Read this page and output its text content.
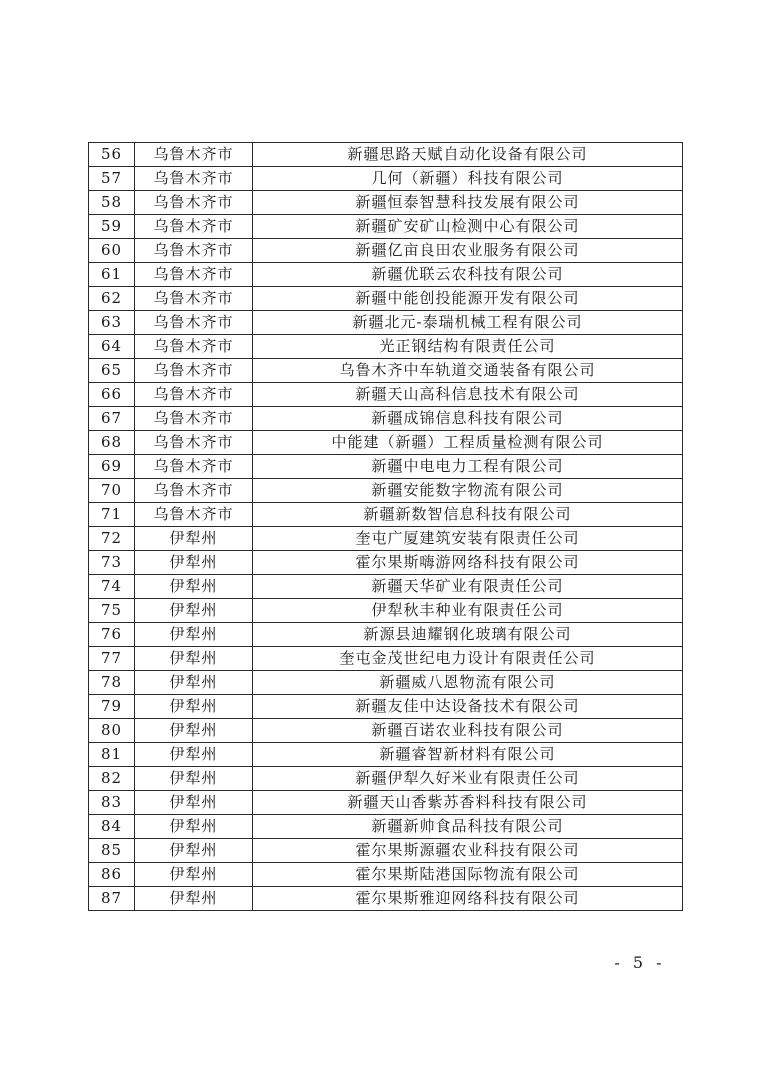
56	乌鲁木齐市	新疆思路天赋自动化设备有限公司
57	乌鲁木齐市	几何（新疆）科技有限公司
58	乌鲁木齐市	新疆恒泰智慧科技发展有限公司
59	乌鲁木齐市	新疆矿安矿山检测中心有限公司
60	乌鲁木齐市	新疆亿亩良田农业服务有限公司
61	乌鲁木齐市	新疆优联云农科技有限公司
62	乌鲁木齐市	新疆中能创投能源开发有限公司
63	乌鲁木齐市	新疆北元-泰瑞机械工程有限公司
64	乌鲁木齐市	光正钢结构有限责任公司
65	乌鲁木齐市	乌鲁木齐中车轨道交通装备有限公司
66	乌鲁木齐市	新疆天山高科信息技术有限公司
67	乌鲁木齐市	新疆成锦信息科技有限公司
68	乌鲁木齐市	中能建（新疆）工程质量检测有限公司
69	乌鲁木齐市	新疆中电电力工程有限公司
70	乌鲁木齐市	新疆安能数字物流有限公司
71	乌鲁木齐市	新疆新数智信息科技有限公司
72	伊犁州	奎屯广厦建筑安装有限责任公司
73	伊犁州	霍尔果斯嗨游网络科技有限公司
74	伊犁州	新疆天华矿业有限责任公司
75	伊犁州	伊犁秋丰种业有限责任公司
76	伊犁州	新源县迪耀钢化玻璃有限公司
77	伊犁州	奎屯金茂世纪电力设计有限责任公司
78	伊犁州	新疆威八恩物流有限公司
79	伊犁州	新疆友佳中达设备技术有限公司
80	伊犁州	新疆百诺农业科技有限公司
81	伊犁州	新疆睿智新材料有限公司
82	伊犁州	新疆伊犁久好米业有限责任公司
83	伊犁州	新疆天山香紫苏香料科技有限公司
84	伊犁州	新疆新帅食品科技有限公司
85	伊犁州	霍尔果斯源疆农业科技有限公司
86	伊犁州	霍尔果斯陆港国际物流有限公司
87	伊犁州	霍尔果斯雅迎网络科技有限公司
- 5 -
